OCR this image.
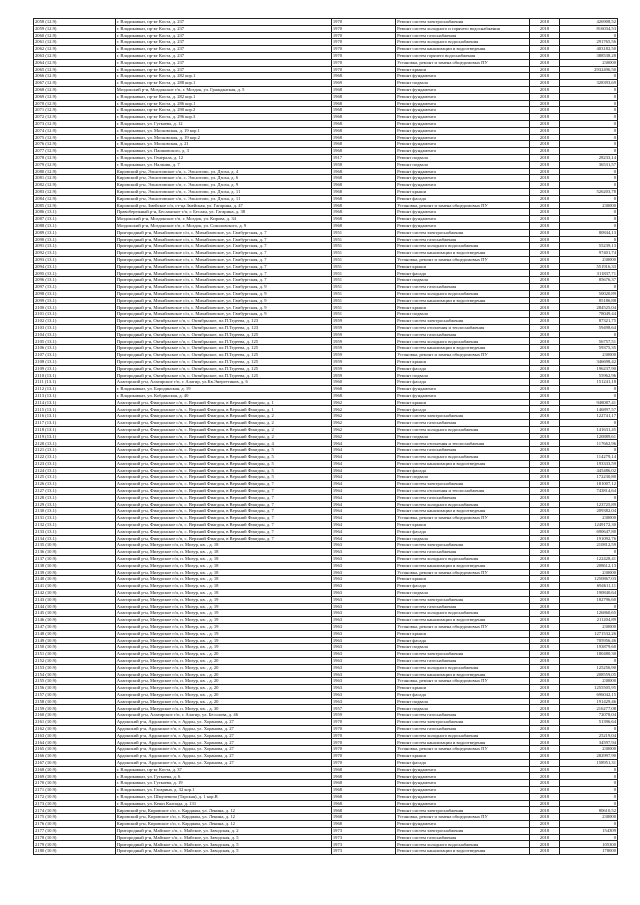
2058 (12.9)	г. Владикавказ, пр-кт Коста, д. 237	1970	Ремонт систем электроснабжения	2018	426908,52
2059 (12.9)	г. Владикавказ, пр-кт Коста, д. 237	1970	Ремонт систем холодного и горячего водоснабжения	2018	816034,53
2060 (12.9)	г. Владикавказ, пр-кт Коста, д. 237	1970	Ремонт систем газоснабжения	2018	0
2061 (12.9)	г. Владикавказ, пр-кт Коста, д. 237	1970	Ремонт систем холодного водоснабжения	2018	291765,56
2062 (12.9)	г. Владикавказ, пр-кт Коста, д. 237	1970	Ремонт систем канализации и водоотведения	2018	403182,50
2063 (12.9)	г. Владикавказ, пр-кт Коста, д. 237	1970	Ремонт систем горячего водоснабжения	2018	388538,28
2064 (12.9)	г. Владикавказ, пр-кт Коста, д. 237	1970	Установка, ремонт и замена общедомовых ПУ	2018	230000
2065 (12.9)	г. Владикавказ, пр-кт Коста, д. 237	1970	Ремонт крыши	2018	2932496,50
2066 (12.9)	г. Владикавказ, пр-кт Коста, д. 282 кор.1	1968	Ремонт фундамента	2018	0
2067 (12.9)	г. Владикавказ, пр-кт Коста, д. 288 кор.1	1969	Ремонт подвала	2018	328393,69
2068 (12.9)	Моздокский р-н, Моздокское г/п, г. Моздок, ул. Гражданская, д. 5	1968	Ремонт фундамента	2018	0
2069 (12.9)	г. Владикавказ, пр-кт Коста, д. 282 кор.1	1968	Ремонт фундамента	2018	0
2070 (12.9)	г. Владикавказ, пр-кт Коста, д. 286 кор.1	1968	Ремонт фундамента	2018	0
2071 (12.9)	г. Владикавказ, пр-кт Коста, д. 290 кор.2	1968	Ремонт фундамента	2018	0
2072 (12.9)	г. Владикавказ, пр-кт Коста, д. 296 кор.3	1968	Ремонт фундамента	2018	0
2073 (12.9)	г. Владикавказ, ул. Гугкаева, д. 12	1968	Ремонт фундамента	2018	0
2074 (12.9)	г. Владикавказ, ул. Московская, д. 19 кор.1	1968	Ремонт фундамента	2018	0
2075 (12.9)	г. Владикавказ, ул. Московская, д. 19 кор.2	1968	Ремонт фундамента	2018	0
2076 (12.9)	г. Владикавказ, ул. Московская, д. 21	1968	Ремонт фундамента	2018	0
2077 (12.9)	г. Владикавказ, ул. Пашковского, д. 3	1968	Ремонт фундамента	2018	0
2078 (12.9)	г. Владикавказ, ул. Генерала, д. 12	1917	Ремонт подвала	2018	28233,14
2079 (12.9)	г. Владикавказ, ул. Нальчик, д. 7	1958	Ремонт подвала	2018	36531,57
2080 (12.9)	Кировский р-н, Эльхотовское с/п, с. Эльхотово, ул. Дзоха, д. 4	1968	Ремонт фундамента	2018	0
2081 (12.9)	Кировский р-н, Эльхотовское с/п, с. Эльхотово, ул. Дзоха, д. 6	1968	Ремонт фундамента	2018	0
2082 (12.9)	Кировский р-н, Эльхотовское с/п, с. Эльхотово, ул. Дзоха, д. 9	1968	Ремонт фундамента	2018	0
2083 (12.9)	Кировский р-н, Эльхотовское с/п, с. Эльхотово, ул. Дзоха, д. 11	1968	Ремонт крыши	2018	526203,78
2084 (12.9)	Кировский р-н, Эльхотовское с/п, с. Эльхотово, ул. Дзоха, д. 11	1968	Ремонт фасада	2018	0
2085 (12.9)	Кировский р-н, Змейское с/п, ст-ца Змейская, ул. Гагарина, д. 47	1968	Установка, ремонт и замена общедомовых ПУ	2018	230000
2086 (13.1)	Правобережный р-н, Бесланское г/п, г. Беслан, ул. Гагарина, д. 38	1968	Ремонт фундамента	2018	0
2087 (13.1)	Моздокский р-н, Моздокское г/п, г. Моздок, ул. Кирова, д. 34	1968	Ремонт фундамента	2018	0
2088 (13.1)	Моздокский р-н, Моздокское г/п, г. Моздок, ул. Соколовского, д. 9	1968	Ремонт фундамента	2018	0
2089 (13.1)	Пригородный р-н, Михайловское с/п, с. Михайловское, ул. Гамбургская, д. 7	1951	Ремонт систем электроснабжения	2018	80844,13
2090 (13.1)	Пригородный р-н, Михайловское с/п, с. Михайловское, ул. Гамбургская, д. 7	1951	Ремонт систем газоснабжения	2018	0
2091 (13.1)	Пригородный р-н, Михайловское с/п, с. Михайловское, ул. Гамбургская, д. 7	1951	Ремонт систем холодного водоснабжения	2018	55239,13
2092 (13.1)	Пригородный р-н, Михайловское с/п, с. Михайловское, ул. Гамбургская, д. 7	1951	Ремонт систем канализации и водоотведения	2018	97401,74
2093 (13.1)	Пригородный р-н, Михайловское с/п, с. Михайловское, ул. Гамбургская, д. 7	1951	Установка, ремонт и замена общедомовых ПУ	2018	230000
2094 (13.1)	Пригородный р-н, Михайловское с/п, с. Михайловское, ул. Гамбургская, д. 7	1951	Ремонт крыши	2018	551916,33
2095 (13.1)	Пригородный р-н, Михайловское с/п, с. Михайловское, ул. Гамбургская, д. 7	1951	Ремонт фасада	2018	311837,71
2096 (13.1)	Пригородный р-н, Михайловское с/п, с. Михайловское, ул. Гамбургская, д. 7	1951	Ремонт подвала	2018	85676,37
2097 (13.1)	Пригородный р-н, Михайловское с/п, с. Михайловское, ул. Гамбургская, д. 9	1951	Ремонт систем газоснабжения	2018	0
2098 (13.1)	Пригородный р-н, Михайловское с/п, с. Михайловское, ул. Гамбургская, д. 9	1951	Ремонт систем холодного водоснабжения	2018	50020,89
2099 (13.1)	Пригородный р-н, Михайловское с/п, с. Михайловское, ул. Гамбургская, д. 9	1951	Ремонт систем канализации и водоотведения	2018	85186,88
2100 (13.1)	Пригородный р-н, Михайловское с/п, с. Михайловское, ул. Гамбургская, д. 9	1951	Ремонт крыши	2018	284525,04
2101 (13.1)	Пригородный р-н, Михайловское с/п, с. Михайловское, ул. Гамбургская, д. 9	1951	Ремонт подвала	2018	78049,44
2102 (13.1)	Пригородный р-н, Октябрьское с/п, с. Октябрьское, пл.П.Тедеева, д. 123	1959	Ремонт систем электроснабжения	2018	87321,75
2103 (13.1)	Пригородный р-н, Октябрьское с/п, с. Октябрьское, пл.П.Тедеева, д. 123	1959	Ремонт систем отопления и теплоснабжения	2018	59498,64
2104 (13.1)	Пригородный р-н, Октябрьское с/п, с. Октябрьское, пл.П.Тедеева, д. 125	1959	Ремонт систем газоснабжения	2018	0
2105 (13.1)	Пригородный р-н, Октябрьское с/п, с. Октябрьское, пл.П.Тедеева, д. 125	1959	Ремонт систем холодного водоснабжения	2018	56757,51
2106 (13.1)	Пригородный р-н, Октябрьское с/п, с. Октябрьское, пл.П.Тедеева, д. 125	1959	Ремонт систем канализации и водоотведения	2018	59375,35
2107 (13.1)	Пригородный р-н, Октябрьское с/п, с. Октябрьское, пл.П.Тедеева, д. 125	1959	Установка, ремонт и замена общедомовых ПУ	2018	230000
2108 (13.1)	Пригородный р-н, Октябрьское с/п, с. Октябрьское, пл.П.Тедеева, д. 125	1959	Ремонт крыши	2018	346698,42
2109 (13.1)	Пригородный р-н, Октябрьское с/п, с. Октябрьское, пл.П.Тедеева, д. 125	1959	Ремонт фасада	2018	196237,90
2110 (13.1)	Пригородный р-н, Октябрьское с/п, с. Октябрьское, пл.П.Тедеева, д. 125	1959	Ремонт подвала	2018	55962,96
2111 (13.1)	Алагирский р-н, Алагирское г/п, г. Алагир, ул.Кв.Энергетиков, д. 6	1960	Ремонт фасада	2018	151241,18
2112 (13.1)	г. Владикавказ, ул. Бородинская, д. 19	1968	Ремонт фундамента	2018	0
2113 (13.1)	г. Владикавказ, ул. Кобдинская, д. 40	1968	Ремонт фундамента	2018	0
2114 (13.1)	Алагирский р-н, Фиагдонское с/п, с. Верхний Фиагдон, в Верхний Фиагдон, д. 1	1962	Ремонт крыши	2018	948087,41
2115 (13.1)	Алагирский р-н, Фиагдонское с/п, с. Верхний Фиагдон, в Верхний Фиагдон, д. 1	1962	Ремонт фасада	2018	146897,57
2116 (13.1)	Алагирский р-н, Фиагдонское с/п, с. Верхний Фиагдон, в Верхний Фиагдон, д. 2	1962	Ремонт систем электроснабжения	2018	122741,17
2117 (13.1)	Алагирский р-н, Фиагдонское с/п, с. Верхний Фиагдон, в Верхний Фиагдон, д. 2	1962	Ремонт систем газоснабжения	2018	0
2118 (13.1)	Алагирский р-н, Фиагдонское с/п, с. Верхний Фиагдон, в Верхний Фиагдон, д. 2	1962	Ремонт систем холодного водоснабжения	2018	141631,45
2119 (13.1)	Алагирский р-н, Фиагдонское с/п, с. Верхний Фиагдон, в Верхний Фиагдон, д. 2	1962	Ремонт подвала	2018	120889,61
2120 (13.1)	Алагирский р-н, Фиагдонское с/п, с. Верхний Фиагдон, в Верхний Фиагдон, д. 4	1964	Ремонт систем отопления и теплоснабжения	2018	117662,96
2121 (13.1)	Алагирский р-н, Фиагдонское с/п, с. Верхний Фиагдон, в Верхний Фиагдон, д. 5	1964	Ремонт систем газоснабжения	2018	0
2122 (13.1)	Алагирский р-н, Фиагдонское с/п, с. Верхний Фиагдон, в Верхний Фиагдон, д. 5	1964	Ремонт систем холодного водоснабжения	2018	114279,14
2123 (13.1)	Алагирский р-н, Фиагдонское с/п, с. Верхний Фиагдон, в Верхний Фиагдон, д. 5	1964	Ремонт систем канализации и водоотведения	2018	193333,59
2124 (13.1)	Алагирский р-н, Фиагдонское с/п, с. Верхний Фиагдон, в Верхний Фиагдон, д. 5	1964	Ремонт фасада	2018	445486,02
2125 (13.1)	Алагирский р-н, Фиагдонское с/п, с. Верхний Фиагдон, в Верхний Фиагдон, д. 5	1964	Ремонт подвала	2018	172230,80
2126 (13.1)	Алагирский р-н, Фиагдонское с/п, с. Верхний Фиагдон, в Верхний Фиагдон, д. 7	1964	Ремонт систем электроснабжения	2018	181007,12
2127 (13.1)	Алагирский р-н, Фиагдонское с/п, с. Верхний Фиагдон, в Верхний Фиагдон, д. 7	1964	Ремонт систем отопления и теплоснабжения	2018	743814,64
2128 (13.1)	Алагирский р-н, Фиагдонское с/п, с. Верхний Фиагдон, в Верхний Фиагдон, д. 7	1964	Ремонт систем газоснабжения	2018	0
2129 (13.1)	Алагирский р-н, Фиагдонское с/п, с. Верхний Фиагдон, в Верхний Фиагдон, д. 7	1964	Ремонт систем холодного водоснабжения	2018	123725,89
2130 (13.1)	Алагирский р-н, Фиагдонское с/п, с. Верхний Фиагдон, в Верхний Фиагдон, д. 7	1964	Ремонт систем канализации и водоотведения	2018	209382,04
2131 (13.1)	Алагирский р-н, Фиагдонское с/п, с. Верхний Фиагдон, в Верхний Фиагдон, д. 7	1964	Установка, ремонт и замена общедомовых ПУ	2018	230000
2132 (13.1)	Алагирский р-н, Фиагдонское с/п, с. Верхний Фиагдон, в Верхний Фиагдон, д. 7	1964	Ремонт крыши	2018	1249172,30
2133 (13.1)	Алагирский р-н, Фиагдонское с/п, с. Верхний Фиагдон, в Верхний Фиагдон, д. 7	1964	Ремонт фасада	2018	690647,80
2134 (13.1)	Алагирский р-н, Фиагдонское с/п, с. Верхний Фиагдон, в Верхний Фиагдон, д. 7	1964	Ремонт подвала	2018	191092,76
2135 (10.9)	Алагирский р-н, Мизурское г/п, п. Мизур, кв. , д. 18	1963	Ремонт систем электроснабжения	2018	210812,59
2136 (10.9)	Алагирский р-н, Мизурское г/п, п. Мизур, кв. , д. 18	1963	Ремонт систем газоснабжения	2018	0
2137 (10.9)	Алагирский р-н, Мизурское г/п, п. Мизур, кв. , д. 18	1963	Ремонт систем холодного водоснабжения	2018	122428,41
2138 (10.9)	Алагирский р-н, Мизурское г/п, п. Мизур, кв. , д. 18	1963	Ремонт систем канализации и водоотведения	2018	208612,13
2139 (10.9)	Алагирский р-н, Мизурское г/п, п. Мизур, кв. , д. 18	1963	Установка, ремонт и замена общедомовых ПУ	2018	230000
2140 (10.9)	Алагирский р-н, Мизурское г/п, п. Мизур, кв. , д. 18	1963	Ремонт крыши	2018	1250867,03
2141 (10.9)	Алагирский р-н, Мизурское г/п, п. Мизур, кв. , д. 18	1963	Ремонт фасада	2018	694611,11
2142 (10.9)	Алагирский р-н, Мизурское г/п, п. Мизур, кв. , д. 18	1963	Ремонт подвала	2018	190840,64
2143 (10.9)	Алагирский р-н, Мизурское г/п, п. Мизур, кв. , д. 19	1963	Ремонт систем электроснабжения	2018	182796,60
2144 (10.9)	Алагирский р-н, Мизурское г/п, п. Мизур, кв. , д. 19	1963	Ремонт систем газоснабжения	2018	0
2145 (10.9)	Алагирский р-н, Мизурское г/п, п. Мизур, кв. , д. 19	1963	Ремонт систем холодного водоснабжения	2018	126860,65
2146 (10.9)	Алагирский р-н, Мизурское г/п, п. Мизур, кв. , д. 19	1963	Ремонт систем канализации и водоотведения	2018	211204,89
2147 (10.9)	Алагирский р-н, Мизурское г/п, п. Мизур, кв. , д. 19	1963	Установка, ремонт и замена общедомовых ПУ	2018	230000
2148 (10.9)	Алагирский р-н, Мизурское г/п, п. Мизур, кв. , д. 19	1963	Ремонт крыши	2018	1271532,26
2149 (10.9)	Алагирский р-н, Мизурское г/п, п. Мизур, кв. , д. 19	1963	Ремонт фасада	2018	705956,46
2150 (10.9)	Алагирский р-н, Мизурское г/п, п. Мизур, кв. , д. 19	1963	Ремонт подвала	2018	193879,60
2151 (10.9)	Алагирский р-н, Мизурское г/п, п. Мизур, кв. , д. 20	1963	Ремонт систем электроснабжения	2018	180480,30
2152 (10.9)	Алагирский р-н, Мизурское г/п, п. Мизур, кв. , д. 20	1963	Ремонт систем газоснабжения	2018	0
2153 (10.9)	Алагирский р-н, Мизурское г/п, п. Мизур, кв. , д. 20	1963	Ремонт систем холодного водоснабжения	2018	125256,90
2154 (10.9)	Алагирский р-н, Мизурское г/п, п. Мизур, кв. , д. 20	1963	Ремонт систем канализации и водоотведения	2018	208559,05
2155 (10.9)	Алагирский р-н, Мизурское г/п, п. Мизур, кв. , д. 20	1963	Установка, ремонт и замена общедомовых ПУ	2018	230000
2156 (10.9)	Алагирский р-н, Мизурское г/п, п. Мизур, кв. , д. 20	1963	Ремонт крыши	2018	1255505,95
2157 (10.9)	Алагирский р-н, Мизурское г/п, п. Мизур, кв. , д. 20	1963	Ремонт фасада	2018	696042,15
2158 (10.9)	Алагирский р-н, Мизурское г/п, п. Мизур, кв. , д. 20	1963	Ремонт подвала	2018	191429,46
2159 (10.9)	Алагирский р-н, Мизурское г/п, п. Мизур, кв. , д. 30	1957	Ремонт подвала	2018	216277,08
2160 (10.9)	Алагирский р-н, Алагирское г/п, г. Алагир, ул. Бесолова, д. 46	1959	Ремонт систем газоснабжения	2018	72078,04
2161 (10.9)	Ардонский р-н, Ардонское г/п, г. Ардон, ул. Хоранова, д. 27	1970	Ремонт систем электроснабжения	2018	51396,64
2162 (10.9)	Ардонский р-н, Ардонское г/п, г. Ардон, ул. Хоранова, д. 27	1970	Ремонт систем газоснабжения	2018	0
2163 (10.9)	Ардонский р-н, Ардонское г/п, г. Ардон, ул. Хоранова, д. 27	1970	Ремонт систем холодного водоснабжения	2018	25219,04
2164 (10.9)	Ардонский р-н, Ардонское г/п, г. Ардон, ул. Хоранова, д. 27	1970	Ремонт систем канализации и водоотведения	2018	34597,94
2165 (10.9)	Ардонский р-н, Ардонское г/п, г. Ардон, ул. Хоранова, д. 27	1970	Установка, ремонт и замена общедомовых ПУ	2018	230000
2166 (10.9)	Ардонский р-н, Ардонское г/п, г. Ардон, ул. Хоранова, д. 27	1970	Ремонт крыши	2018	282997,90
2167 (10.9)	Ардонский р-н, Ардонское г/п, г. Ардон, ул. Хоранова, д. 27	1970	Ремонт фасада	2018	158951,31
2168 (10.9)	г. Владикавказ, пр-кт Коста, д. 37	1968	Ремонт фундамента	2018	0
2169 (10.9)	г. Владикавказ, ул. Гугкаева, д. 6	1968	Ремонт фундамента	2018	0
2170 (10.9)	г. Владикавказ, ул. Гугкаева, д. 19	1968	Ремонт фундамента	2018	0
2171 (10.9)	г. Владикавказ, ул. Гагарина, д. 32 кор.1	1968	Ремонт фундамента	2018	0
2172 (10.9)	г. Владикавказ, ул. Шмулевича (Тарская), д. 1 кор.В	1968	Ремонт фундамента	2018	0
2173 (10.9)	г. Владикавказ, ул. Кешп Калпада, д. 131	1968	Ремонт фундамента	2018	0
2174 (10.9)	Кировский р-н, Кировское с/п, с. Карджин, ул. Ленина, д. 12	1968	Ремонт систем электроснабжения	2018	80610,52
2175 (10.9)	Кировский р-н, Кировское с/п, с. Карджин, ул. Ленина, д. 12	1968	Установка, ремонт и замена общедомовых ПУ	2018	230000
2176 (10.9)	Кировский р-н, Кировское с/п, с. Карджин, ул. Ленина, д. 12	1968	Ремонт фундамента	2019	0
2177 (10.9)	Пригородный р-н, Майское с/п, с. Майское, ул. Заводская, д. 2	1973	Ремонт систем электроснабжения	2018	154309
2178 (10.9)	Пригородный р-н, Майское с/п, с. Майское, ул. Заводская, д. 5	1973	Ремонт систем газоснабжения	2018	0
2179 (10.9)	Пригородный р-н, Майское с/п, с. Майское, ул. Заводская, д. 5	1973	Ремонт систем холодного водоснабжения	2018	105300
2180 (10.9)	Пригородный р-н, Майское с/п, с. Майское, ул. Заводская, д. 5	1973	Ремонт систем канализации и водоотведения	2018	178000
